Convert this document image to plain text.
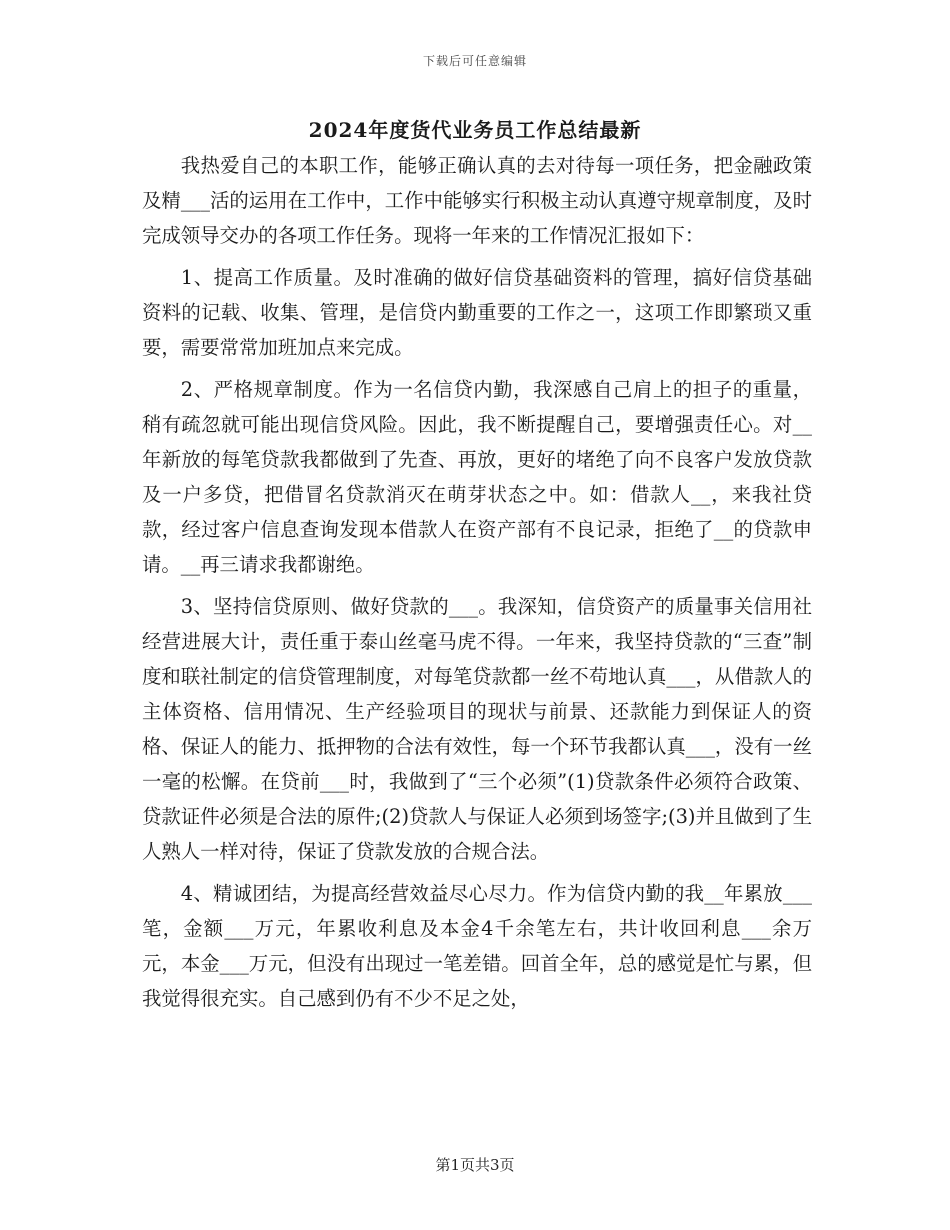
下载后可任意编辑
2024年度货代业务员工作总结最新

我热爱自己的本职工作，能够正确认真的去对待每一项任务，把金融政策及精___活的运用在工作中，工作中能够实行积极主动认真遵守规章制度，及时完成领导交办的各项工作任务。现将一年来的工作情况汇报如下：

1、提高工作质量。及时准确的做好信贷基础资料的管理，搞好信贷基础资料的记载、收集、管理，是信贷内勤重要的工作之一，这项工作即繁琐又重要，需要常常加班加点来完成。

2、严格规章制度。作为一名信贷内勤，我深感自己肩上的担子的重量，稍有疏忽就可能出现信贷风险。因此，我不断提醒自己，要增强责任心。对__年新放的每笔贷款我都做到了先查、再放，更好的堵绝了向不良客户发放贷款及一户多贷，把借冒名贷款消灭在萌芽状态之中。如：借款人__，来我社贷款，经过客户信息查询发现本借款人在资产部有不良记录，拒绝了__的贷款申请。__再三请求我都谢绝。

3、坚持信贷原则、做好贷款的___。我深知，信贷资产的质量事关信用社经营进展大计，责任重于泰山丝毫马虎不得。一年来，我坚持贷款的“三查”制度和联社制定的信贷管理制度，对每笔贷款都一丝不苟地认真___，从借款人的主体资格、信用情况、生产经验项目的现状与前景、还款能力到保证人的资格、保证人的能力、抵押物的合法有效性，每一个环节我都认真___，没有一丝一毫的松懈。在贷前___时，我做到了“三个必须”(1)贷款条件必须符合政策、贷款证件必须是合法的原件;(2)贷款人与保证人必须到场签字;(3)并且做到了生人熟人一样对待，保证了贷款发放的合规合法。

4、精诚团结，为提高经营效益尽心尽力。作为信贷内勤的我__年累放___笔，金额___万元，年累收利息及本金4千余笔左右，共计收回利息___余万元，本金___万元，但没有出现过一笔差错。回首全年，总的感觉是忙与累，但我觉得很充实。自己感到仍有不少不足之处，

第1页共3页
